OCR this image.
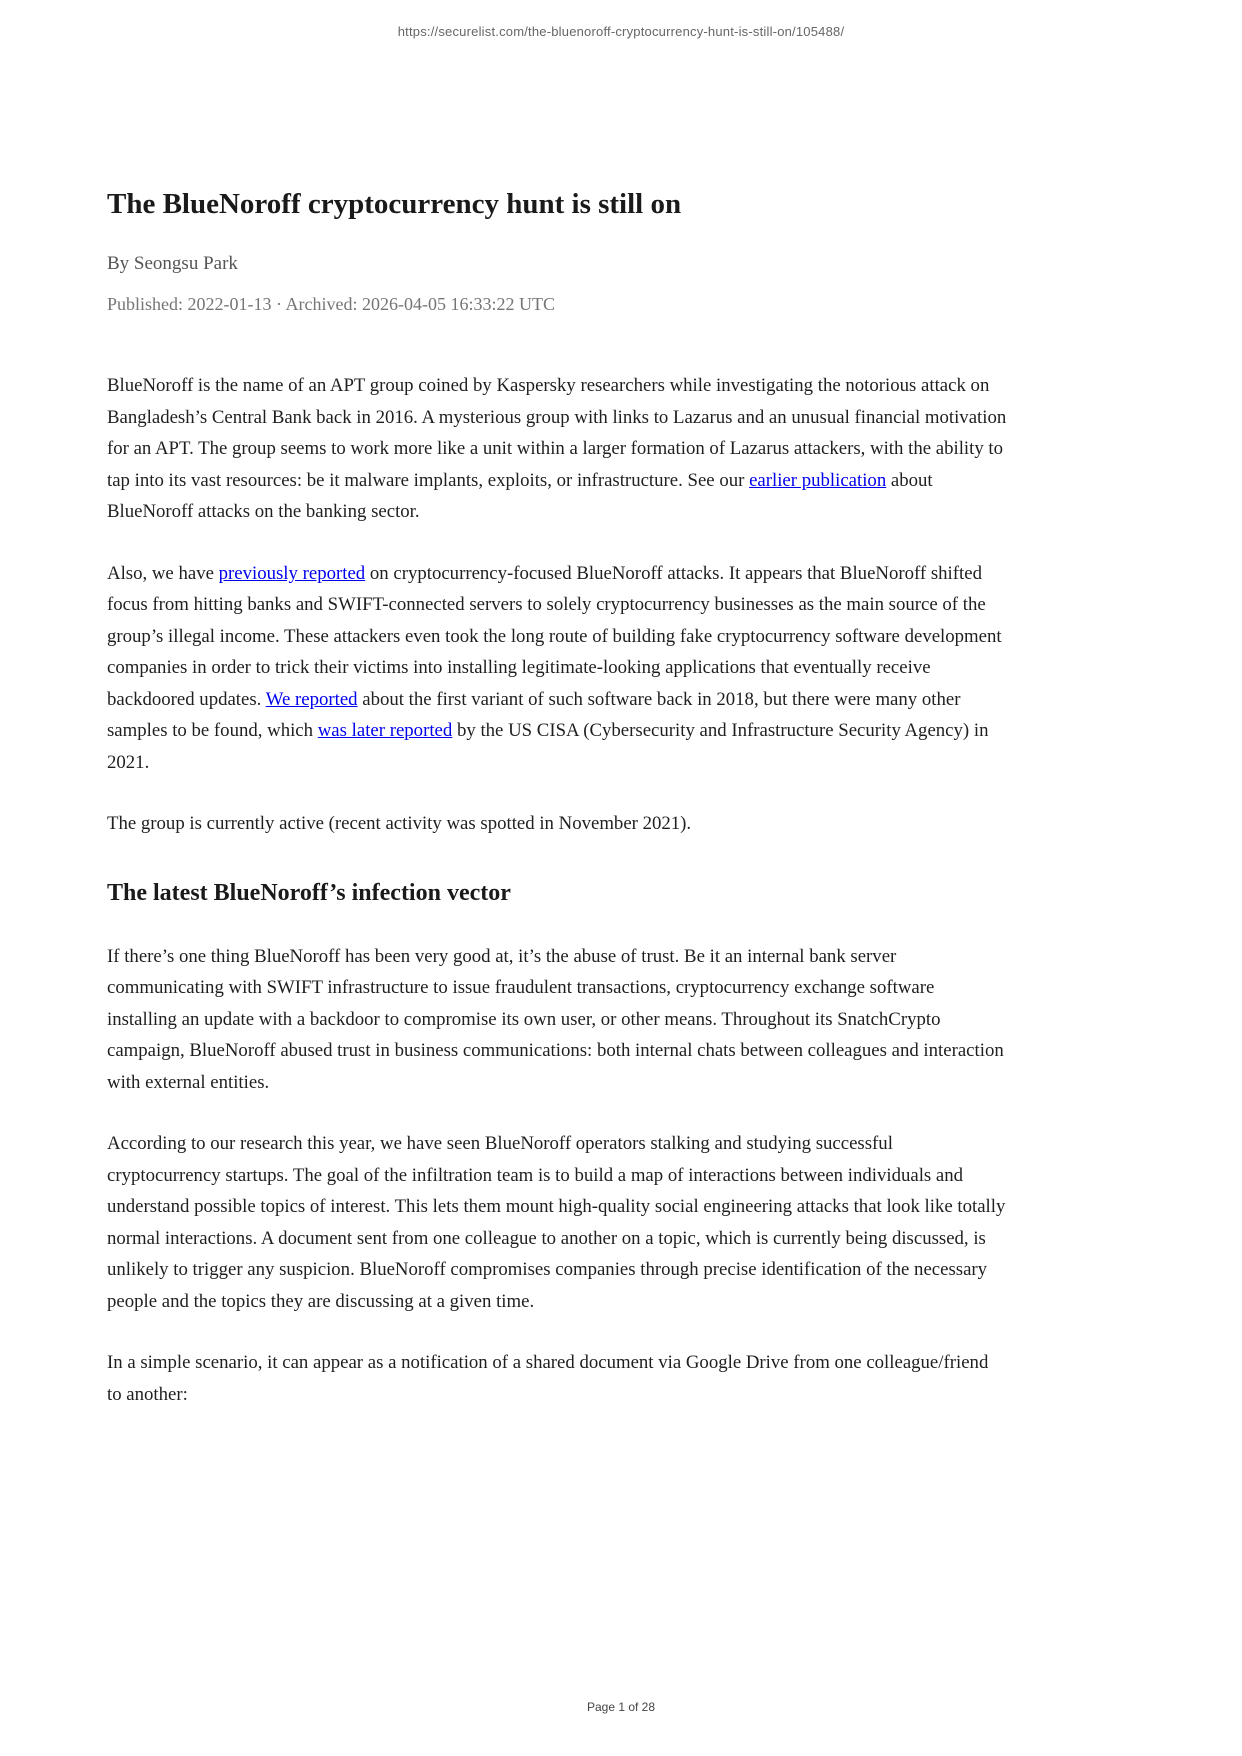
https://securelist.com/the-bluenoroff-cryptocurrency-hunt-is-still-on/105488/
The BlueNoroff cryptocurrency hunt is still on
By Seongsu Park
Published: 2022-01-13 · Archived: 2026-04-05 16:33:22 UTC

BlueNoroff is the name of an APT group coined by Kaspersky researchers while investigating the notorious attack on Bangladesh’s Central Bank back in 2016. A mysterious group with links to Lazarus and an unusual financial motivation for an APT. The group seems to work more like a unit within a larger formation of Lazarus attackers, with the ability to tap into its vast resources: be it malware implants, exploits, or infrastructure. See our earlier publication about BlueNoroff attacks on the banking sector.

Also, we have previously reported on cryptocurrency-focused BlueNoroff attacks. It appears that BlueNoroff shifted focus from hitting banks and SWIFT-connected servers to solely cryptocurrency businesses as the main source of the group’s illegal income. These attackers even took the long route of building fake cryptocurrency software development companies in order to trick their victims into installing legitimate-looking applications that eventually receive backdoored updates. We reported about the first variant of such software back in 2018, but there were many other samples to be found, which was later reported by the US CISA (Cybersecurity and Infrastructure Security Agency) in 2021.

The group is currently active (recent activity was spotted in November 2021).

The latest BlueNoroff’s infection vector

If there’s one thing BlueNoroff has been very good at, it’s the abuse of trust. Be it an internal bank server communicating with SWIFT infrastructure to issue fraudulent transactions, cryptocurrency exchange software installing an update with a backdoor to compromise its own user, or other means. Throughout its SnatchCrypto campaign, BlueNoroff abused trust in business communications: both internal chats between colleagues and interaction with external entities.

According to our research this year, we have seen BlueNoroff operators stalking and studying successful cryptocurrency startups. The goal of the infiltration team is to build a map of interactions between individuals and understand possible topics of interest. This lets them mount high-quality social engineering attacks that look like totally normal interactions. A document sent from one colleague to another on a topic, which is currently being discussed, is unlikely to trigger any suspicion. BlueNoroff compromises companies through precise identification of the necessary people and the topics they are discussing at a given time.

In a simple scenario, it can appear as a notification of a shared document via Google Drive from one colleague/friend to another:

Page 1 of 28
